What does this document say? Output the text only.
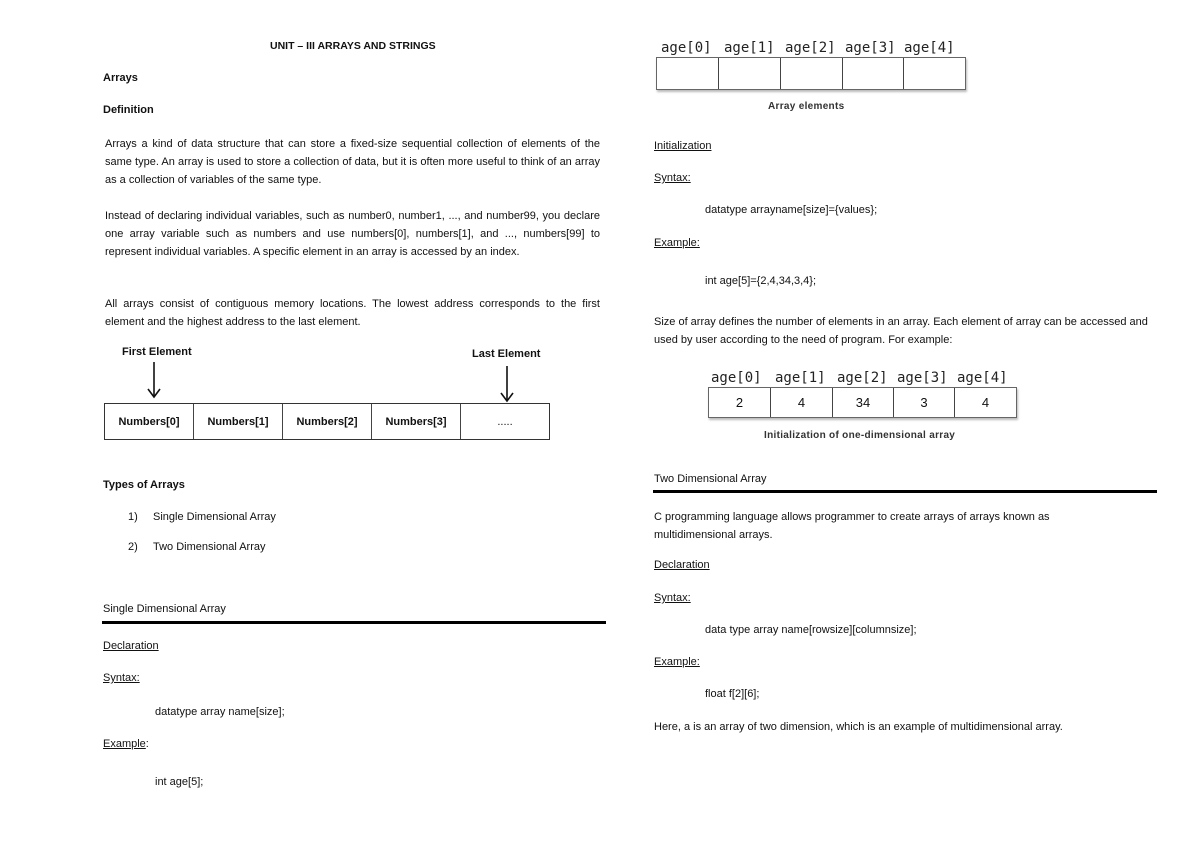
UNIT – III ARRAYS AND STRINGS
Arrays
Definition
Arrays a kind of data structure that can store a fixed-size sequential collection of elements of the same type. An array is used to store a collection of data, but it is often more useful to think of an array as a collection of variables of the same type.
Instead of declaring individual variables, such as number0, number1, ..., and number99, you declare one array variable such as numbers and use numbers[0], numbers[1], and ..., numbers[99] to represent individual variables. A specific element in an array is accessed by an index.
All arrays consist of contiguous memory locations. The lowest address corresponds to the first element and the highest address to the last element.
First Element	Last Element
Numbers[0]	Numbers[1]	Numbers[2]	Numbers[3]	.....
Types of Arrays
1) Single Dimensional Array
2) Two Dimensional Array
Single Dimensional Array
Declaration
Syntax:
datatype array name[size];
Example:
int age[5];
age[0] age[1] age[2] age[3] age[4]
Array elements
Initialization
Syntax:
datatype arrayname[size]={values};
Example:
int age[5]={2,4,34,3,4};
Size of array defines the number of elements in an array. Each element of array can be accessed and used by user according to the need of program. For example:
age[0] age[1] age[2] age[3] age[4]
2	4	34	3	4
Initialization of one-dimensional array
Two Dimensional Array
C programming language allows programmer to create arrays of arrays known as multidimensional arrays.
Declaration
Syntax:
data type array name[rowsize][columnsize];
Example:
float f[2][6];
Here, a is an array of two dimension, which is an example of multidimensional array.
